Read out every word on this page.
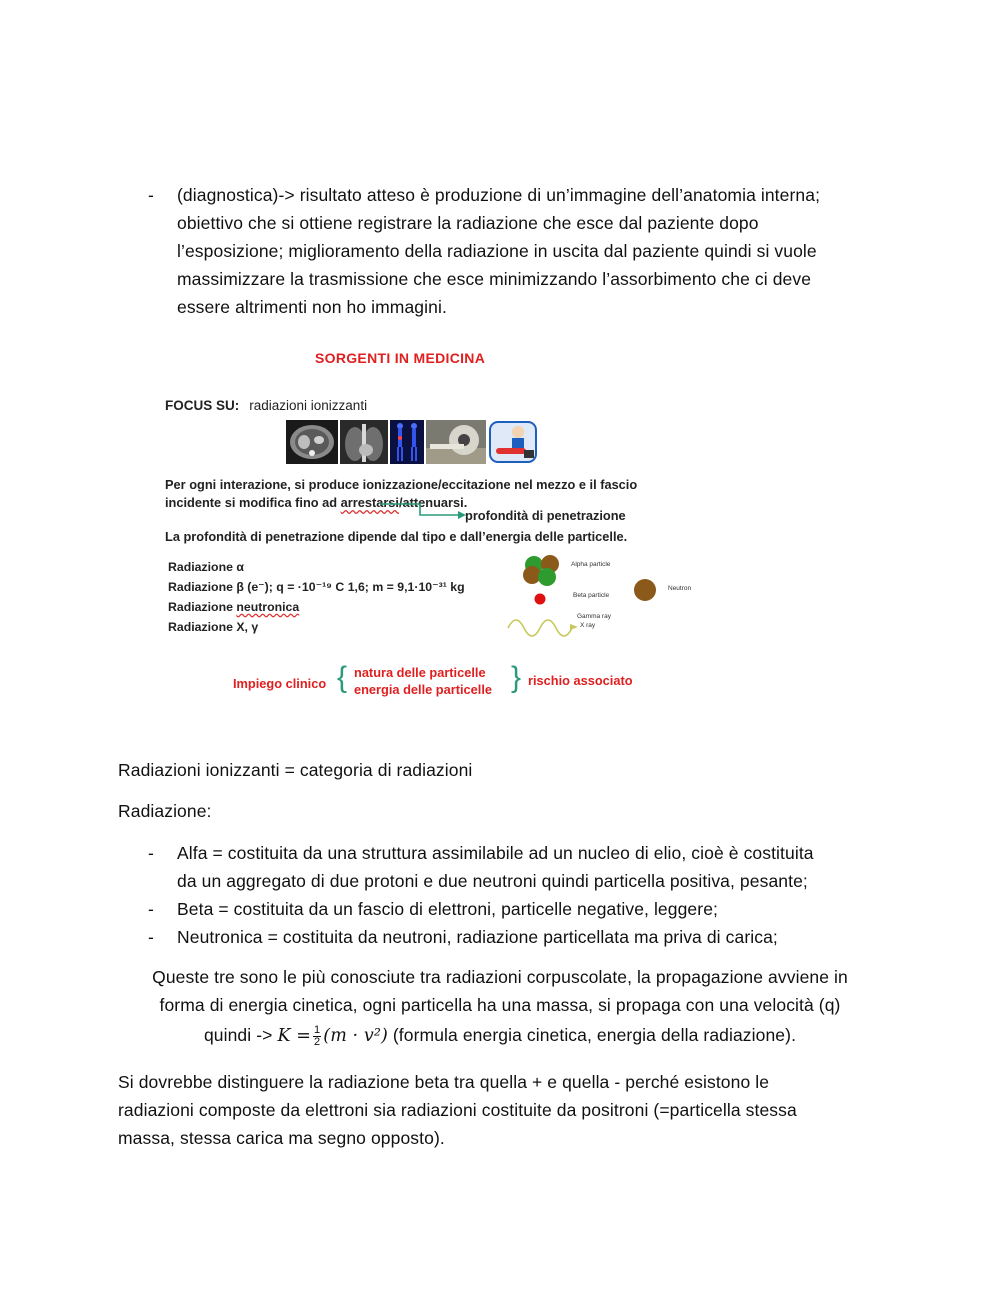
- (diagnostica)-> risultato atteso è produzione di un’immagine dell’anatomia interna;
obiettivo che si ottiene registrare la radiazione che esce dal paziente dopo
l’esposizione; miglioramento della radiazione in uscita dal paziente quindi si vuole
massimizzare la trasmissione che esce minimizzando l’assorbimento che ci deve
essere altrimenti non ho immagini.
SORGENTI IN MEDICINA
FOCUS SU: radiazioni ionizzanti
Per ogni interazione, si produce ionizzazione/eccitazione nel mezzo e il fascio
incidente si modifica fino ad arrestarsi/attenuarsi.
profondità di penetrazione
La profondità di penetrazione dipende dal tipo e dall’energia delle particelle.
Radiazione α
Radiazione β (e⁻); q = ·10⁻¹⁹ C 1,6; m = 9,1·10⁻³¹ kg
Radiazione neutronica
Radiazione X, γ
Alpha particle
Beta particle
Neutron
Gamma ray
X ray
Impiego clinico { natura delle particelle
energia delle particelle } rischio associato
Radiazioni ionizzanti = categoria di radiazioni
Radiazione:
- Alfa = costituita da una struttura assimilabile ad un nucleo di elio, cioè è costituita
da un aggregato di due protoni e due neutroni quindi particella positiva, pesante;
- Beta = costituita da un fascio di elettroni, particelle negative, leggere;
- Neutronica = costituita da neutroni, radiazione particellata ma priva di carica;
Queste tre sono le più conosciute tra radiazioni corpuscolate, la propagazione avviene in
forma di energia cinetica, ogni particella ha una massa, si propaga con una velocità (q)
quindi -> $K = \frac{1}{2} (m \cdot v^2)$ (formula energia cinetica, energia della radiazione).
Si dovrebbe distinguere la radiazione beta tra quella + e quella - perché esistono le
radiazioni composte da elettroni sia radiazioni costituite da positroni (=particella stessa
massa, stessa carica ma segno opposto).
